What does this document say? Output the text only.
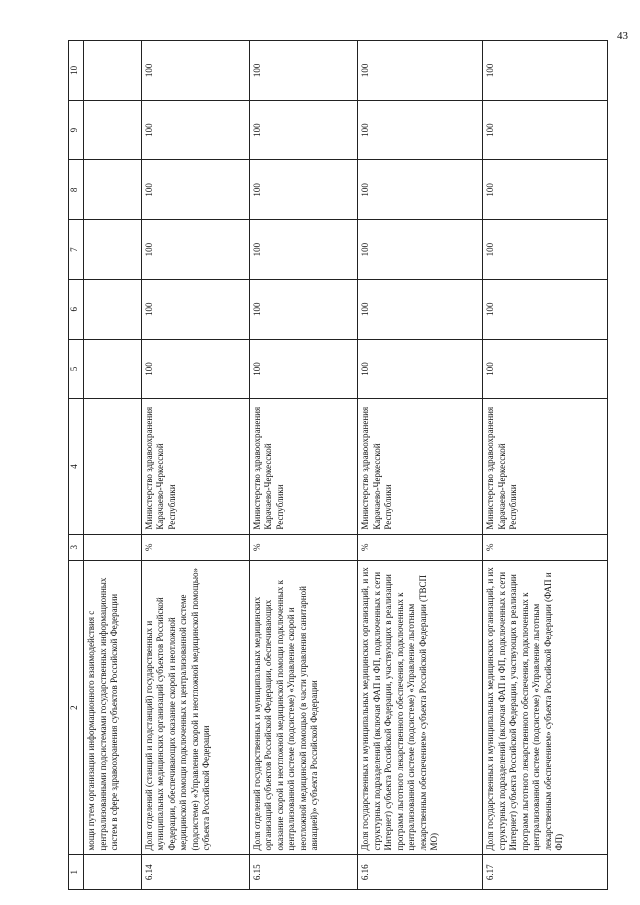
43
1	2	3	4	5	6	7	8	9	10
	мощи путем организации информационного взаимодействия с централизованными подсистемами государственных информационных систем в сфере здравоохранения субъектов Российской Федерации								
6.14	Доля отделений (станций и подстанций) государственных и муниципальных медицинских организаций субъектов Российской Федерации, обеспечивающих оказание скорой и неотложной медицинской помощи подключенных к централизованной системе (подсистеме) «Управление скорой и неотложной медицинской помощью» субъекта Российской Федерации	%	Министерство здравоохранения Карачаево-Черкесской Республики	100	100	100	100	100	100
6.15	Доля отделений государственных и муниципальных медицинских организаций субъектов Российской Федерации, обеспечивающих оказание скорой и неотложной медицинской помощи подключенных к централизованной системе (подсистеме) «Управление скорой и неотложной медицинской помощью (в части управления санитарной авиацией)» субъекта Российской Федерации	%	Министерство здравоохранения Карачаево-Черкесской Республики	100	100	100	100	100	100
6.16	Доля государственных и муниципальных медицинских организаций, и их структурных подразделений (включая ФАП и ФП, подключенных к сети Интернет) субъекта Российской Федерации, участвующих в реализации программ льготного лекарственного обеспечения, подключенных к централизованной системе (подсистеме) «Управление льготным лекарственным обеспечением» субъекта Российской Федерации (ТВСП МО)	%	Министерство здравоохранения Карачаево-Черкесской Республики	100	100	100	100	100	100
6.17	Доля государственных и муниципальных медицинских организаций, и их структурных подразделений (включая ФАП и ФП, подключенных к сети Интернет) субъекта Российской Федерации, участвующих в реализации программ льготного лекарственного обеспечения, подключенных к централизованной системе (подсистеме) «Управление льготным лекарственным обеспечением» субъекта Российской Федерации (ФАП и ФП)	%	Министерство здравоохранения Карачаево-Черкесской Республики	100	100	100	100	100	100
